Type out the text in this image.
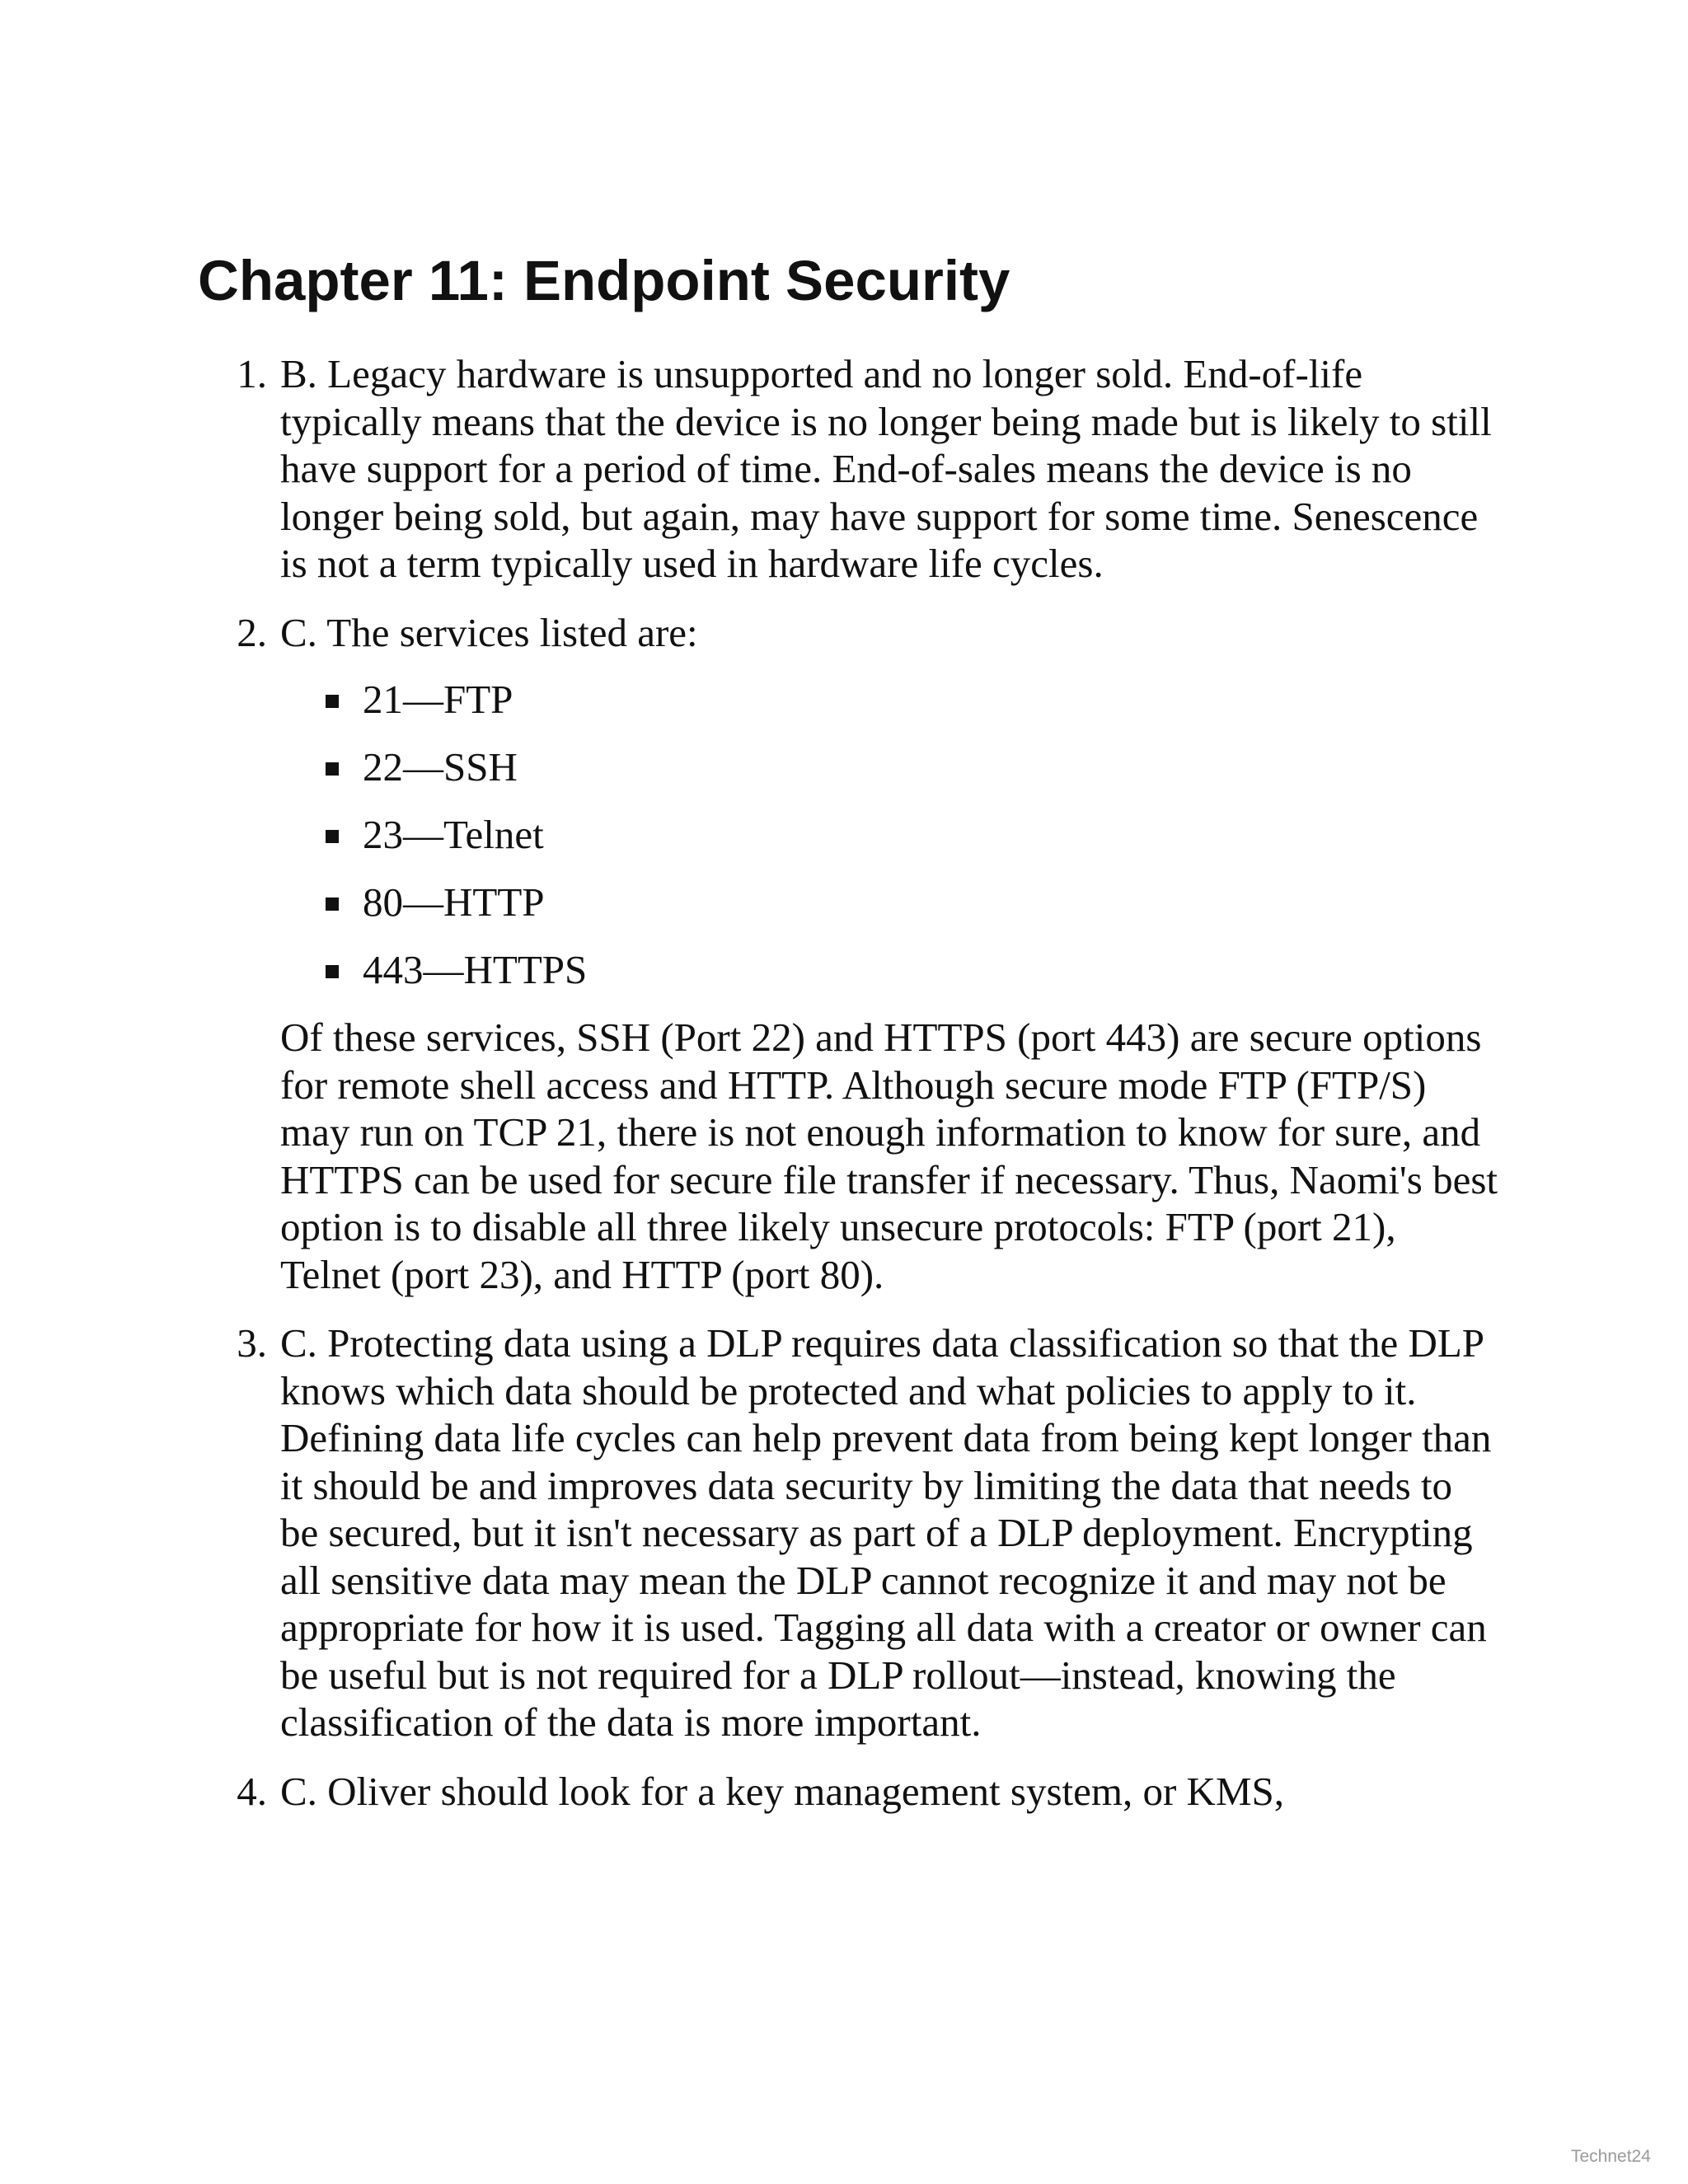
Chapter 11: Endpoint Security
1. B. Legacy hardware is unsupported and no longer sold. End-of-life typically means that the device is no longer being made but is likely to still have support for a period of time. End-of-sales means the device is no longer being sold, but again, may have support for some time. Senescence is not a term typically used in hardware life cycles.

2. C. The services listed are:

21—FTP
22—SSH
23—Telnet
80—HTTP
443—HTTPS

Of these services, SSH (Port 22) and HTTPS (port 443) are secure options for remote shell access and HTTP. Although secure mode FTP (FTP/S) may run on TCP 21, there is not enough information to know for sure, and HTTPS can be used for secure file transfer if necessary. Thus, Naomi's best option is to disable all three likely unsecure protocols: FTP (port 21), Telnet (port 23), and HTTP (port 80).

3. C. Protecting data using a DLP requires data classification so that the DLP knows which data should be protected and what policies to apply to it. Defining data life cycles can help prevent data from being kept longer than it should be and improves data security by limiting the data that needs to be secured, but it isn't necessary as part of a DLP deployment. Encrypting all sensitive data may mean the DLP cannot recognize it and may not be appropriate for how it is used. Tagging all data with a creator or owner can be useful but is not required for a DLP rollout—instead, knowing the classification of the data is more important.

4. C. Oliver should look for a key management system, or KMS,

Technet24
